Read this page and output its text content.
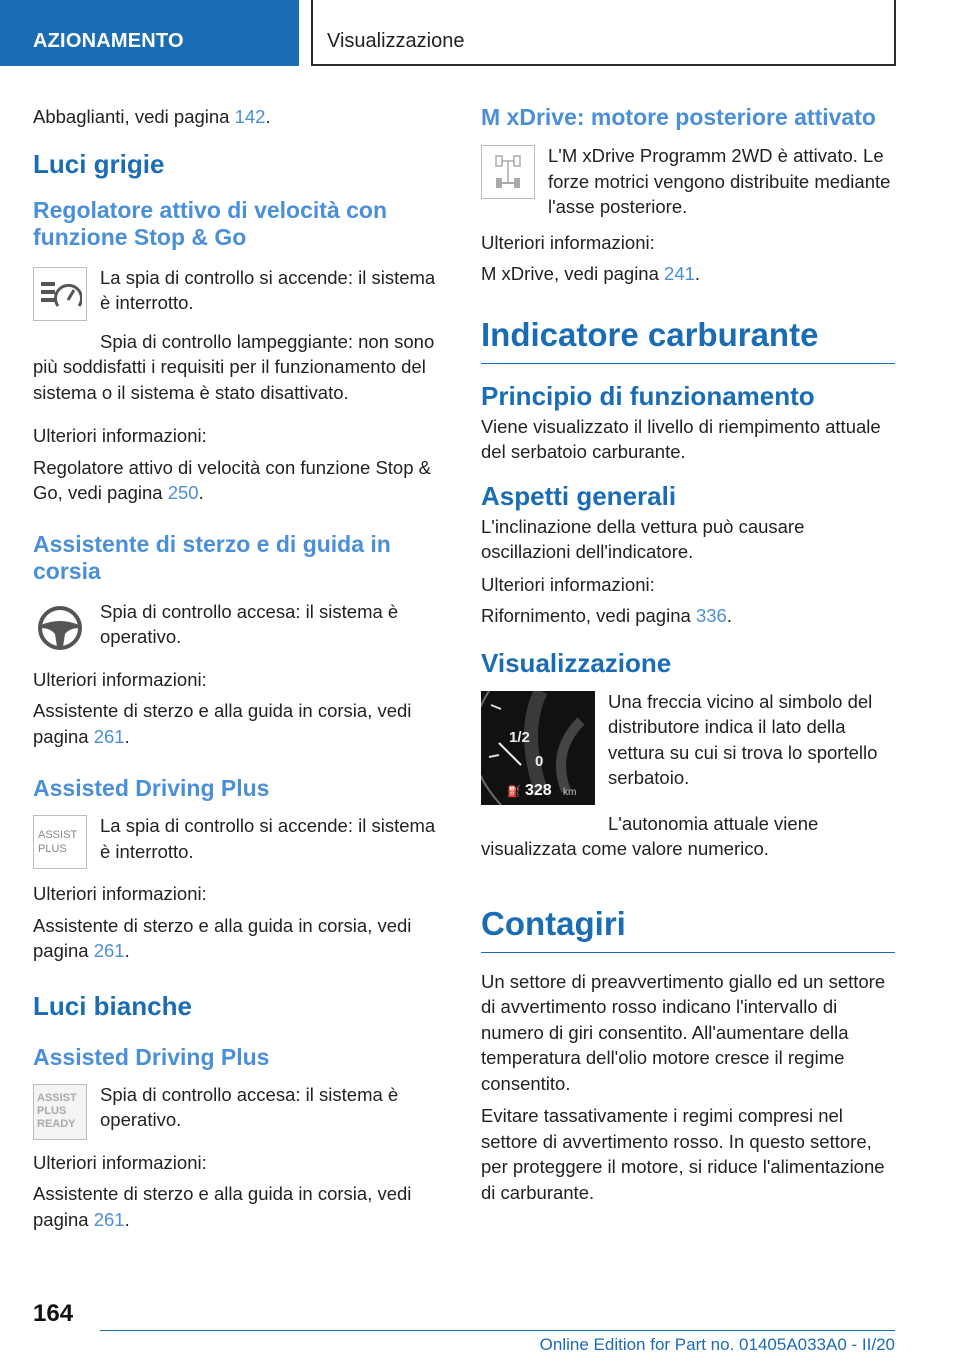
AZIONAMENTO	Visualizzazione

Abbaglianti, vedi pagina 142.

Luci grigie
Regolatore attivo di velocità con funzione Stop & Go

La spia di controllo si accende: il sistema è interrotto.

Spia di controllo lampeggiante: non sono più soddisfatti i requisiti per il funzionamento del sistema o il sistema è stato disattivato.

Ulteriori informazioni:

Regolatore attivo di velocità con funzione Stop & Go, vedi pagina 250.

Assistente di sterzo e di guida in corsia

Spia di controllo accesa: il sistema è operativo.

Ulteriori informazioni:

Assistente di sterzo e alla guida in corsia, vedi pagina 261.

Assisted Driving Plus
ASSIST
PLUS

La spia di controllo si accende: il sistema è interrotto.

Ulteriori informazioni:

Assistente di sterzo e alla guida in corsia, vedi pagina 261.

Luci bianche
Assisted Driving Plus
ASSIST
PLUS
READY

Spia di controllo accesa: il sistema è operativo.

Ulteriori informazioni:

Assistente di sterzo e alla guida in corsia, vedi pagina 261.

M xDrive: motore posteriore attivato

L'M xDrive Programm 2WD è attivato. Le forze motrici vengono distribuite mediante l'asse posteriore.

Ulteriori informazioni:

M xDrive, vedi pagina 241.

Indicatore carburante
Principio di funzionamento

Viene visualizzato il livello di riempimento attuale del serbatoio carburante.

Aspetti generali

L'inclinazione della vettura può causare oscillazioni dell'indicatore.

Ulteriori informazioni:

Rifornimento, vedi pagina 336.

Visualizzazione
1/2
0
⛽ 328 km

Una freccia vicino al simbolo del distributore indica il lato della vettura su cui si trova lo sportello serbatoio.

L'autonomia attuale viene visualizzata come valore numerico.

Contagiri

Un settore di preavvertimento giallo ed un settore di avvertimento rosso indicano l'intervallo di numero di giri consentito. All'aumentare della temperatura dell'olio motore cresce il regime consentito.

Evitare tassativamente i regimi compresi nel settore di avvertimento rosso. In questo settore, per proteggere il motore, si riduce l'alimentazione di carburante.

164
Online Edition for Part no. 01405A033A0 - II/20
